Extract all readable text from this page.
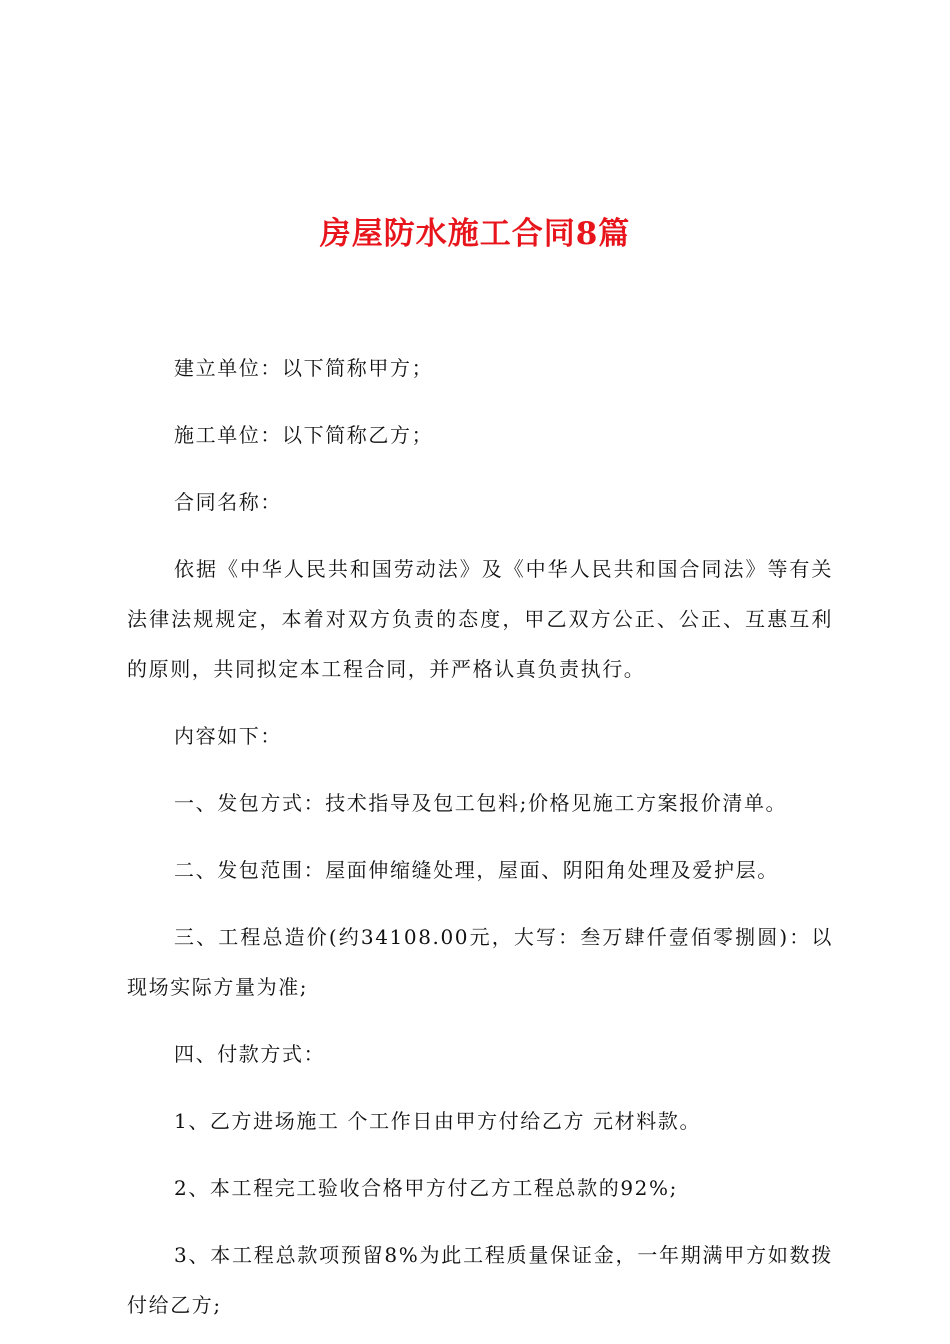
房屋防水施工合同8篇

建立单位：以下简称甲方；

施工单位：以下简称乙方；

合同名称：

依据《中华人民共和国劳动法》及《中华人民共和国合同法》等有关法律法规规定，本着对双方负责的态度，甲乙双方公正、公正、互惠互利的原则，共同拟定本工程合同，并严格认真负责执行。

内容如下：

一、发包方式：技术指导及包工包料;价格见施工方案报价清单。

二、发包范围：屋面伸缩缝处理，屋面、阴阳角处理及爱护层。

三、工程总造价(约34108.00元，大写：叁万肆仟壹佰零捌圆)：以现场实际方量为准;

四、付款方式：

1、乙方进场施工 个工作日由甲方付给乙方 元材料款。

2、本工程完工验收合格甲方付乙方工程总款的92%;

3、本工程总款项预留8%为此工程质量保证金，一年期满甲方如数拨付给乙方;
